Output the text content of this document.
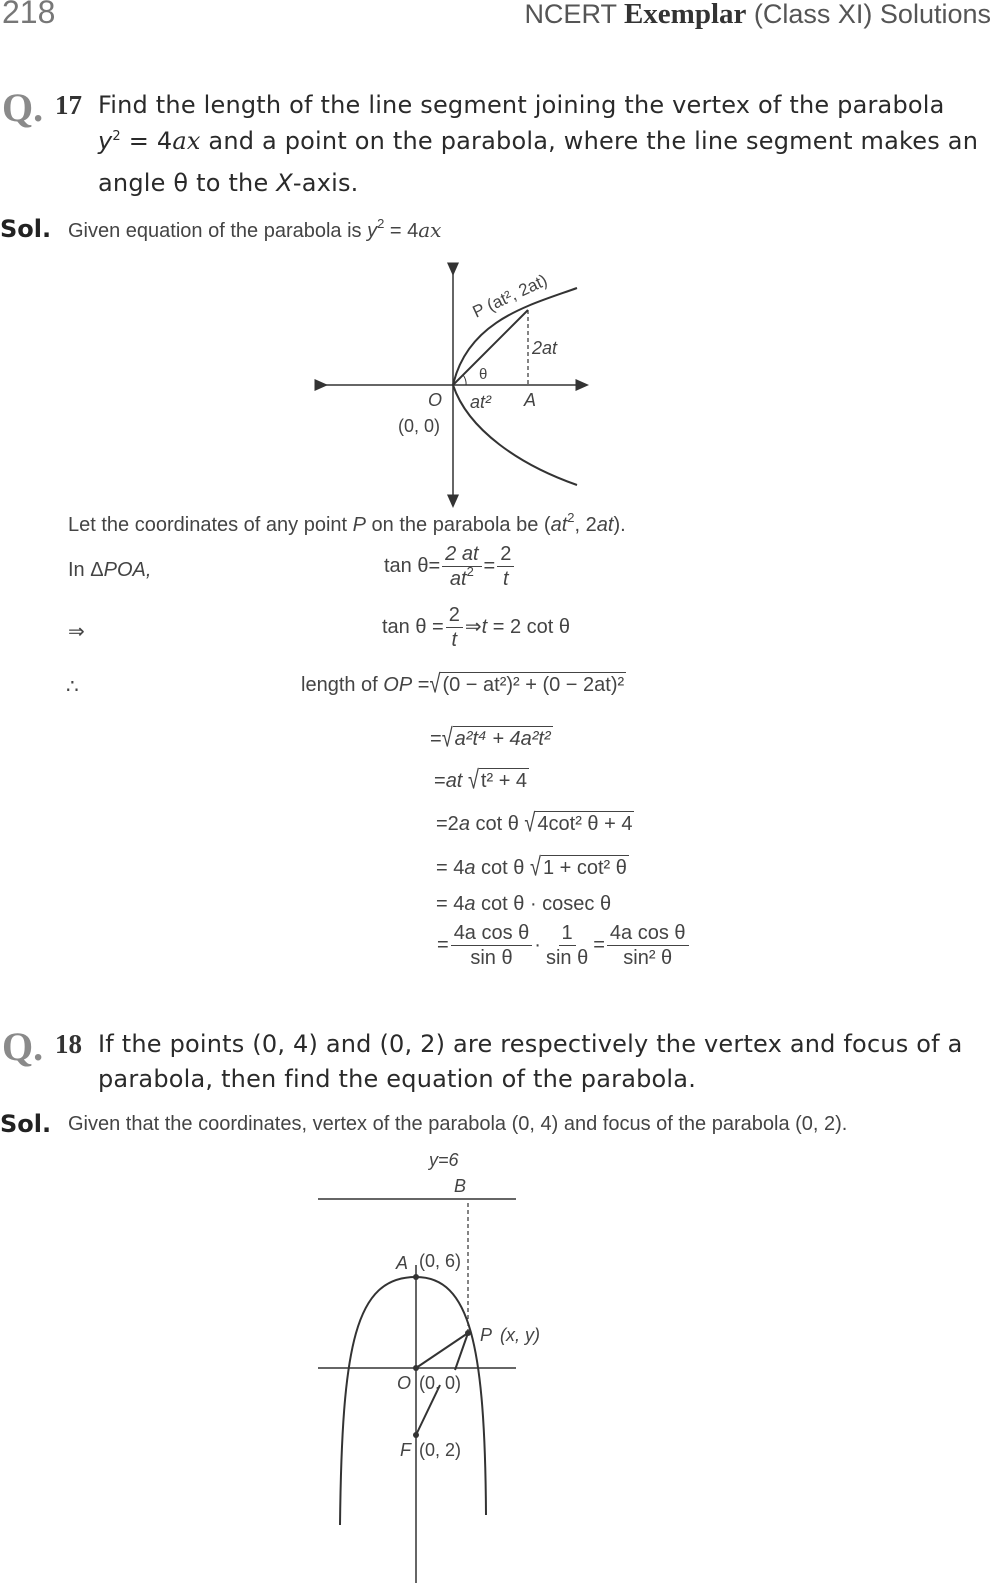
218	NCERT Exemplar (Class XI) Solutions
Q. 17 Find the length of the line segment joining the vertex of the parabola
$y^2 = 4ax$ and a point on the parabola, where the line segment makes an
angle θ to the X-axis.
Sol. Given equation of the parabola is $y^2 = 4ax$
P (at², 2at)
2at
θ
O at² A
(0, 0)
Let the coordinates of any point P on the parabola be ($at^2$, 2at).
In ΔPOA,	$\tan \theta= \frac{2 at}{at^2} = \frac{2}{t}$
⇒	$\tan \theta = \frac{2}{t}$ ⇒t = 2 cot θ
∴	length of OP =√ (0 − at²)² + (0 − 2at)²
=√ a²t⁴ + 4a²t²
=at √ t² + 4
=2a cot θ √ 4cot² θ + 4
= 4a cot θ √ 1 + cot² θ
= 4a cot θ · cosec θ
= $\frac{\text{4a cos θ}}{\text{sin θ}} \cdot \frac{1}{\text{sin θ}} = \frac{\text{4a cos θ}}{\text{sin² θ}}$
Q. 18 If the points (0, 4) and (0, 2) are respectively the vertex and focus of a
parabola, then find the equation of the parabola.
Sol. Given that the coordinates, vertex of the parabola (0, 4) and focus of the parabola (0, 2).
y=6
B
A (0, 6)
P (x, y)
O (0, 0)
F (0, 2)
